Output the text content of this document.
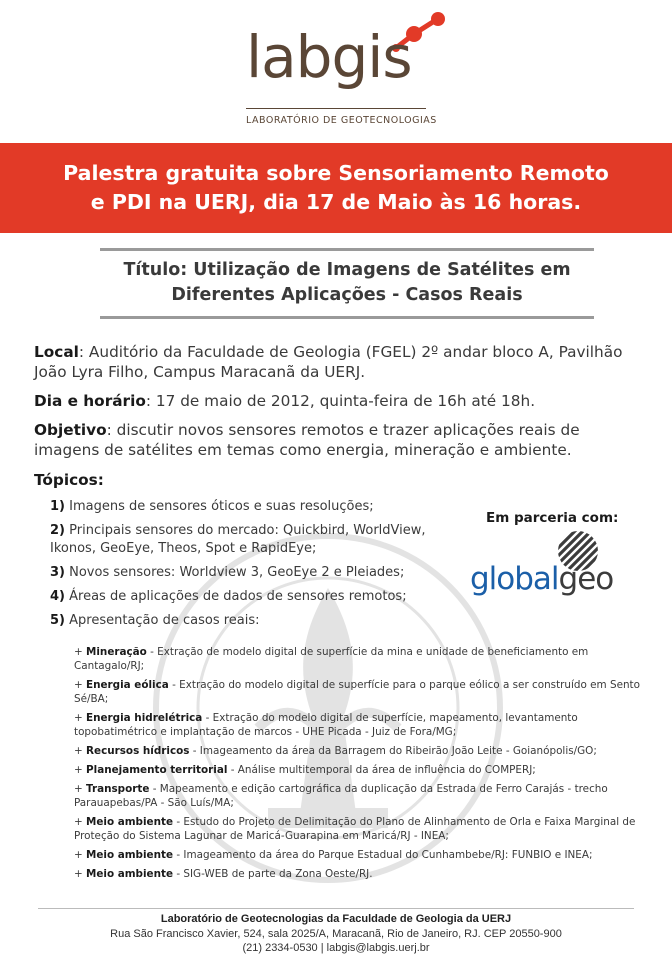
labgis
LABORATÓRIO DE GEOTECNOLOGIAS
Palestra gratuita sobre Sensoriamento Remoto
e PDI na UERJ, dia 17 de Maio às 16 horas.
Título: Utilização de Imagens de Satélites em
Diferentes Aplicações - Casos Reais
Local: Auditório da Faculdade de Geologia (FGEL) 2º andar bloco A, Pavilhão João Lyra Filho, Campus Maracanã da UERJ.
Dia e horário: 17 de maio de 2012, quinta-feira de 16h até 18h.
Objetivo: discutir novos sensores remotos e trazer aplicações reais de imagens de satélites em temas como energia, mineração e ambiente.
Tópicos:
1) Imagens de sensores óticos e suas resoluções;
2) Principais sensores do mercado: Quickbird, WorldView, Ikonos, GeoEye, Theos, Spot e RapidEye;
3) Novos sensores: Worldview 3, GeoEye 2 e Pleiades;
4) Áreas de aplicações de dados de sensores remotos;
5) Apresentação de casos reais:
+ Mineração - Extração de modelo digital de superfície da mina e unidade de beneficiamento em Cantagalo/RJ;
+ Energia eólica - Extração do modelo digital de superfície para o parque eólico a ser construído em Sento Sé/BA;
+ Energia hidrelétrica - Extração do modelo digital de superfície, mapeamento, levantamento topobatimétrico e implantação de marcos - UHE Picada - Juiz de Fora/MG;
+ Recursos hídricos - Imageamento da área da Barragem do Ribeirão João Leite - Goianópolis/GO;
+ Planejamento territorial - Análise multitemporal da área de influência do COMPERJ;
+ Transporte - Mapeamento e edição cartográfica da duplicação da Estrada de Ferro Carajás - trecho Parauapebas/PA - São Luís/MA;
+ Meio ambiente - Estudo do Projeto de Delimitação do Plano de Alinhamento de Orla e Faixa Marginal de Proteção do Sistema Lagunar de Maricá-Guarapina em Maricá/RJ - INEA;
+ Meio ambiente - Imageamento da área do Parque Estadual do Cunhambebe/RJ: FUNBIO e INEA;
+ Meio ambiente - SIG-WEB de parte da Zona Oeste/RJ.
Em parceria com:
globalgeo
Laboratório de Geotecnologias da Faculdade de Geologia da UERJ
Rua São Francisco Xavier, 524, sala 2025/A, Maracanã, Rio de Janeiro, RJ. CEP 20550-900
(21) 2334-0530 | labgis@labgis.uerj.br
